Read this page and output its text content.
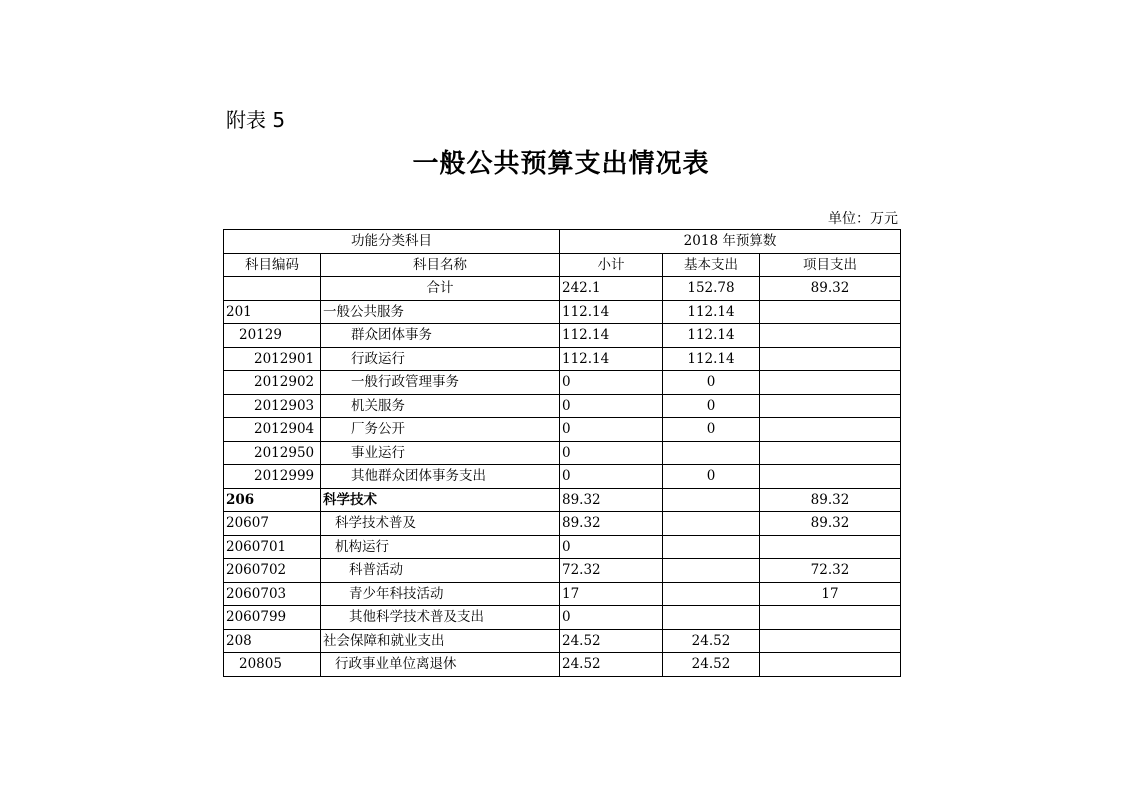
附表 5
一般公共预算支出情况表
单位：万元
功能分类科目		2018 年预算数		
科目编码	科目名称	小计	基本支出	项目支出
	合计	242.1	152.78	89.32
201	一般公共服务	112.14	112.14	
20129	群众团体事务	112.14	112.14	
2012901	行政运行	112.14	112.14	
2012902	一般行政管理事务	0	0	
2012903	机关服务	0	0	
2012904	厂务公开	0	0	
2012950	事业运行	0		
2012999	其他群众团体事务支出	0	0	
206	科学技术	89.32		89.32
20607	科学技术普及	89.32		89.32
2060701	机构运行	0		
2060702	科普活动	72.32		72.32
2060703	青少年科技活动	17		17
2060799	其他科学技术普及支出	0		
208	社会保障和就业支出	24.52	24.52	
20805	行政事业单位离退休	24.52	24.52	
